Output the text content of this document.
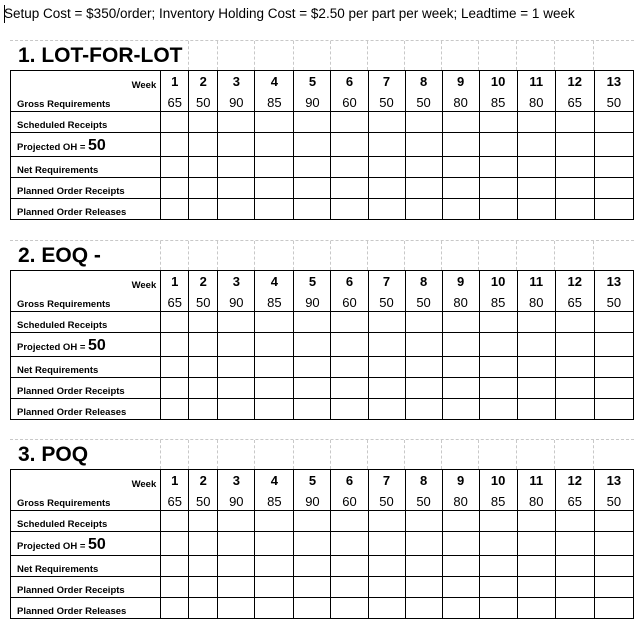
Setup Cost = $350/order; Inventory Holding Cost = $2.50 per part per week; Leadtime = 1 week
1. LOT-FOR-LOT
Week	1	2	3	4	5	6	7	8	9	10	11	12	13
Gross Requirements	65	50	90	85	90	60	50	50	80	85	80	65	50
Scheduled Receipts													
Projected OH = 50													
Net Requirements													
Planned Order Receipts													
Planned Order Releases													
2. EOQ -
Week	1	2	3	4	5	6	7	8	9	10	11	12	13
Gross Requirements	65	50	90	85	90	60	50	50	80	85	80	65	50
Scheduled Receipts													
Projected OH = 50													
Net Requirements													
Planned Order Receipts													
Planned Order Releases													
3. POQ
Week	1	2	3	4	5	6	7	8	9	10	11	12	13
Gross Requirements	65	50	90	85	90	60	50	50	80	85	80	65	50
Scheduled Receipts													
Projected OH = 50													
Net Requirements													
Planned Order Receipts													
Planned Order Releases													
